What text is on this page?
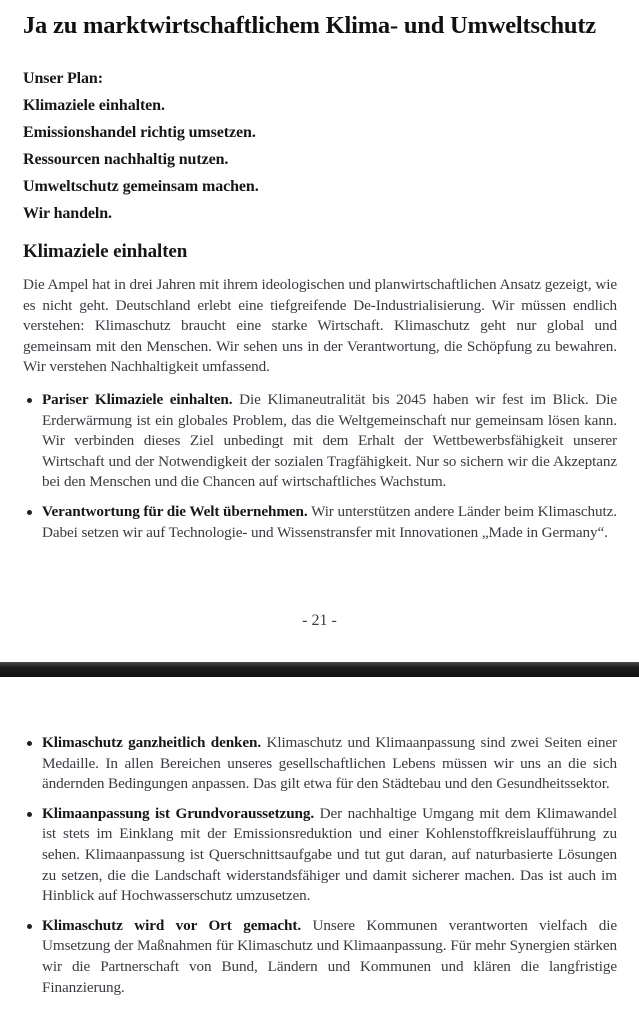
Ja zu marktwirtschaftlichem Klima- und Umweltschutz
Unser Plan:
Klimaziele einhalten.
Emissionshandel richtig umsetzen.
Ressourcen nachhaltig nutzen.
Umweltschutz gemeinsam machen.
Wir handeln.
Klimaziele einhalten

Die Ampel hat in drei Jahren mit ihrem ideologischen und planwirtschaftlichen Ansatz gezeigt, wie es nicht geht. Deutschland erlebt eine tiefgreifende De-Industrialisierung. Wir müssen endlich verstehen: Klimaschutz braucht eine starke Wirtschaft. Klimaschutz geht nur global und gemeinsam mit den Menschen. Wir sehen uns in der Verantwortung, die Schöpfung zu bewahren. Wir verstehen Nachhaltigkeit umfassend.

Pariser Klimaziele einhalten. Die Klimaneutralität bis 2045 haben wir fest im Blick. Die Erderwärmung ist ein globales Problem, das die Weltgemeinschaft nur gemeinsam lösen kann. Wir verbinden dieses Ziel unbedingt mit dem Erhalt der Wettbewerbsfähigkeit unserer Wirtschaft und der Notwendigkeit der sozialen Tragfähigkeit. Nur so sichern wir die Akzeptanz bei den Menschen und die Chancen auf wirtschaftliches Wachstum.
Verantwortung für die Welt übernehmen. Wir unterstützen andere Länder beim Klimaschutz. Dabei setzen wir auf Technologie- und Wissenstransfer mit Innovationen „Made in Germany“.
- 21 -
Klimaschutz ganzheitlich denken. Klimaschutz und Klimaanpassung sind zwei Seiten einer Medaille. In allen Bereichen unseres gesellschaftlichen Lebens müssen wir uns an die sich ändernden Bedingungen anpassen. Das gilt etwa für den Städtebau und den Gesundheitssektor.
Klimaanpassung ist Grundvoraussetzung. Der nachhaltige Umgang mit dem Klimawandel ist stets im Einklang mit der Emissionsreduktion und einer Kohlenstoffkreislaufführung zu sehen. Klimaanpassung ist Querschnittsaufgabe und tut gut daran, auf naturbasierte Lösungen zu setzen, die die Landschaft widerstandsfähiger und damit sicherer machen. Das ist auch im Hinblick auf Hochwasserschutz umzusetzen.
Klimaschutz wird vor Ort gemacht. Unsere Kommunen verantworten vielfach die Umsetzung der Maßnahmen für Klimaschutz und Klimaanpassung. Für mehr Synergien stärken wir die Partnerschaft von Bund, Ländern und Kommunen und klären die langfristige Finanzierung.
